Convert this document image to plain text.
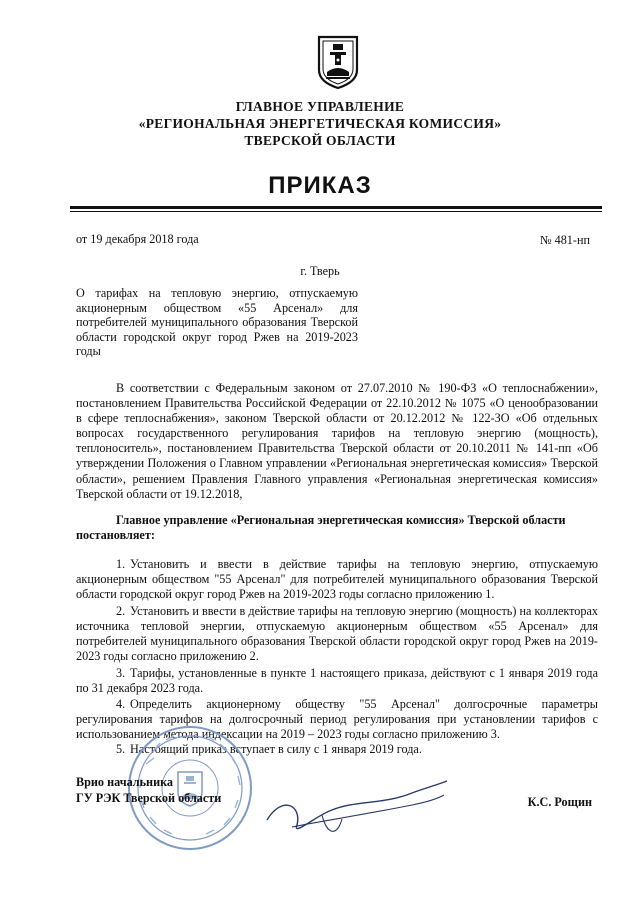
ГЛАВНОЕ УПРАВЛЕНИЕ
«РЕГИОНАЛЬНАЯ ЭНЕРГЕТИЧЕСКАЯ КОМИССИЯ»
ТВЕРСКОЙ ОБЛАСТИ
ПРИКАЗ
от 19 декабря 2018 года	№ 481-нп
г. Тверь
О тарифах на тепловую энергию, отпускаемую акционерным обществом «55 Арсенал» для потребителей муниципального образования Тверской области городской округ город Ржев на 2019-2023 годы
В соответствии с Федеральным законом от 27.07.2010 № 190-ФЗ «О теплоснабжении», постановлением Правительства Российской Федерации от 22.10.2012 № 1075 «О ценообразовании в сфере теплоснабжения», законом Тверской области от 20.12.2012 № 122-ЗО «Об отдельных вопросах государственного регулирования тарифов на тепловую энергию (мощность), теплоноситель», постановлением Правительства Тверской области от 20.10.2011 № 141-пп «Об утверждении Положения о Главном управлении «Региональная энергетическая комиссия» Тверской области», решением Правления Главного управления «Региональная энергетическая комиссия» Тверской области от 19.12.2018,
Главное управление «Региональная энергетическая комиссия» Тверской области
постановляет:
1. Установить и ввести в действие тарифы на тепловую энергию, отпускаемую акционерным обществом "55 Арсенал" для потребителей муниципального образования Тверской области городской округ город Ржев на 2019-2023 годы согласно приложению 1.
2. Установить и ввести в действие тарифы на тепловую энергию (мощность) на коллекторах источника тепловой энергии, отпускаемую акционерным обществом «55 Арсенал» для потребителей муниципального образования Тверской области городской округ город Ржев на 2019-2023 годы согласно приложению 2.
3. Тарифы, установленные в пункте 1 настоящего приказа, действуют с 1 января 2019 года по 31 декабря 2023 года.
4. Определить акционерному обществу "55 Арсенал" долгосрочные параметры регулирования тарифов на долгосрочный период регулирования при установлении тарифов с использованием метода индексации на 2019 – 2023 годы согласно приложению 3.
5. Настоящий приказ вступает в силу с 1 января 2019 года.
Врио начальника
ГУ РЭК Тверской области	К.С. Рощин
